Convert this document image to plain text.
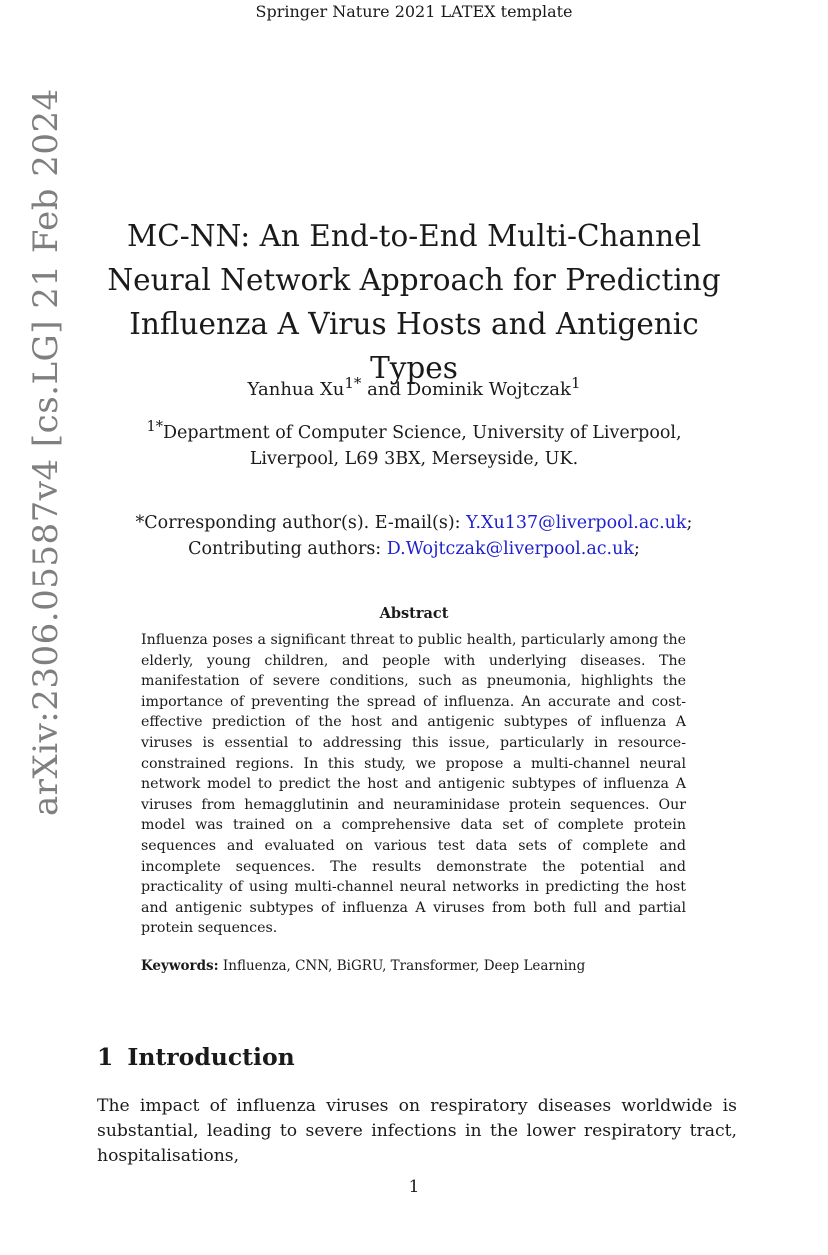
Springer Nature 2021 LATEX template
arXiv:2306.05587v4 [cs.LG] 21 Feb 2024	MC-NN: An End-to-End Multi-Channel Neural Network Approach for Predicting Influenza A Virus Hosts and Antigenic Types
Yanhua $Xu^{1*}$ and Dominik Wojtczak$^1$
$^{1*}$Department of Computer Science, University of Liverpool,
Liverpool, L69 3BX, Merseyside, UK.
*Corresponding author(s). E-mail(s): Y.Xu137@liverpool.ac.uk;
Contributing authors: D.Wojtczak@liverpool.ac.uk;
Abstract

Influenza poses a significant threat to public health, particularly among the elderly, young children, and people with underlying diseases. The manifestation of severe conditions, such as pneumonia, highlights the importance of preventing the spread of influenza. An accurate and cost-effective prediction of the host and antigenic subtypes of influenza A viruses is essential to addressing this issue, particularly in resource-constrained regions. In this study, we propose a multi-channel neural network model to predict the host and antigenic subtypes of influenza A viruses from hemagglutinin and neuraminidase protein sequences. Our model was trained on a comprehensive data set of complete protein sequences and evaluated on various test data sets of complete and incomplete sequences. The results demonstrate the potential and practicality of using multi-channel neural networks in predicting the host and antigenic subtypes of influenza A viruses from both full and partial protein sequences.

Keywords: Influenza, CNN, BiGRU, Transformer, Deep Learning
1 Introduction

The impact of influenza viruses on respiratory diseases worldwide is substantial, leading to severe infections in the lower respiratory tract, hospitalisations,

1
